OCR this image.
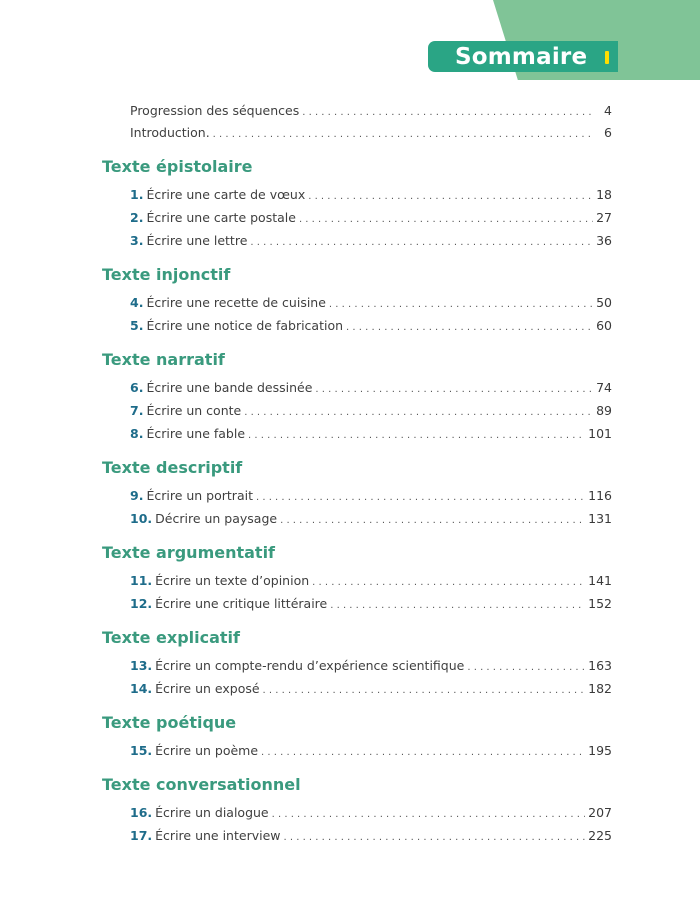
Sommaire
Progression des séquences . . .	4
Introduction. . . .	6
Texte épistolaire
1. Écrire une carte de vœux . . .	18
2. Écrire une carte postale . . .	27
3. Écrire une lettre . . .	36
Texte injonctif
4. Écrire une recette de cuisine . . .	50
5. Écrire une notice de fabrication . . .	60
Texte narratif
6. Écrire une bande dessinée . . .	74
7. Écrire un conte . . .	89
8. Écrire une fable . . .	101
Texte descriptif
9. Écrire un portrait . . .	116
10. Décrire un paysage . . .	131
Texte argumentatif
11. Écrire un texte d’opinion . . .	141
12. Écrire une critique littéraire . . .	152
Texte explicatif
13. Écrire un compte-rendu d’expérience scientifique . . .	163
14. Écrire un exposé . . .	182
Texte poétique
15. Écrire un poème . . .	195
Texte conversationnel
16. Écrire un dialogue . . .	207
17. Écrire une interview . . .	225
